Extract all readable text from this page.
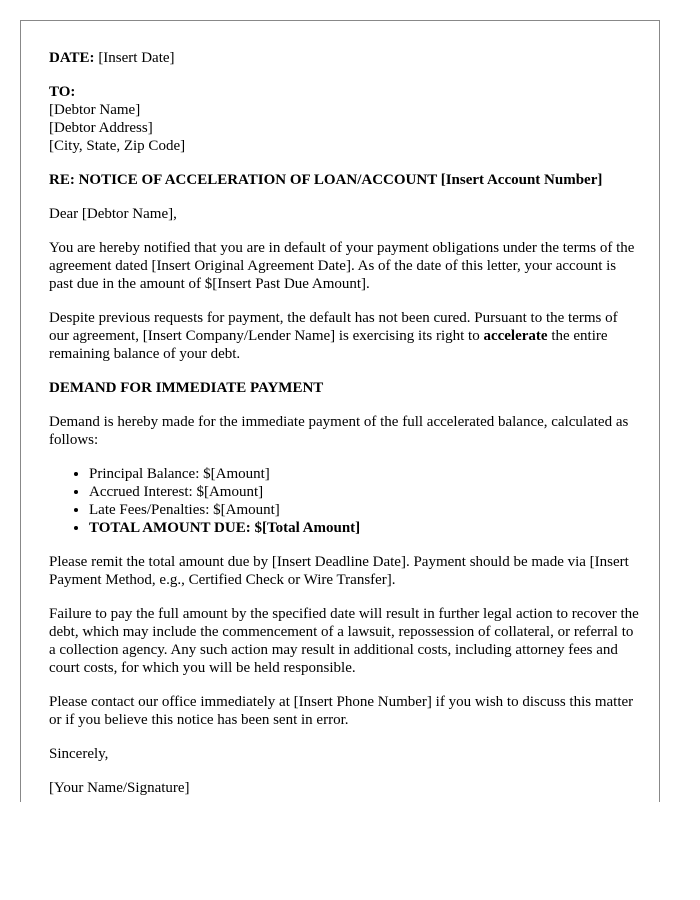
DATE: [Insert Date]

TO:
[Debtor Name]
[Debtor Address]
[City, State, Zip Code]

RE: NOTICE OF ACCELERATION OF LOAN/ACCOUNT [Insert Account Number]

Dear [Debtor Name],

You are hereby notified that you are in default of your payment obligations under the terms of the agreement dated [Insert Original Agreement Date]. As of the date of this letter, your account is past due in the amount of $[Insert Past Due Amount].

Despite previous requests for payment, the default has not been cured. Pursuant to the terms of our agreement, [Insert Company/Lender Name] is exercising its right to accelerate the entire remaining balance of your debt.

DEMAND FOR IMMEDIATE PAYMENT

Demand is hereby made for the immediate payment of the full accelerated balance, calculated as follows:

• Principal Balance: $[Amount]
• Accrued Interest: $[Amount]
• Late Fees/Penalties: $[Amount]
• TOTAL AMOUNT DUE: $[Total Amount]

Please remit the total amount due by [Insert Deadline Date]. Payment should be made via [Insert Payment Method, e.g., Certified Check or Wire Transfer].

Failure to pay the full amount by the specified date will result in further legal action to recover the debt, which may include the commencement of a lawsuit, repossession of collateral, or referral to a collection agency. Any such action may result in additional costs, including attorney fees and court costs, for which you will be held responsible.

Please contact our office immediately at [Insert Phone Number] if you wish to discuss this matter or if you believe this notice has been sent in error.

Sincerely,

[Your Name/Signature]
